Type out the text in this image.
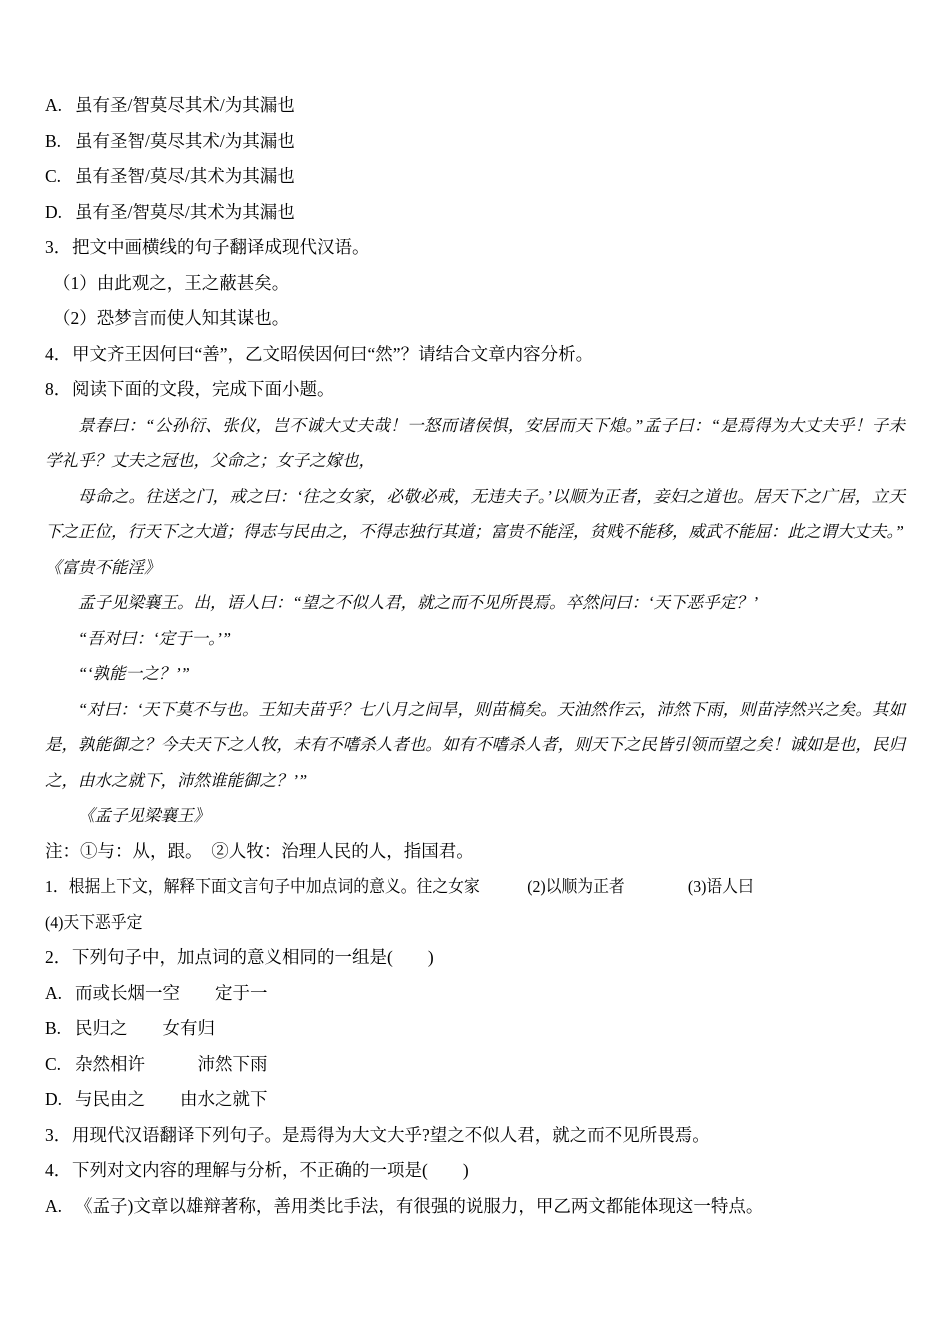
A. 虽有圣/智莫尽其术/为其漏也
B. 虽有圣智/莫尽其术/为其漏也
C. 虽有圣智/莫尽/其术为其漏也
D. 虽有圣/智莫尽/其术为其漏也
3． 把文中画横线的句子翻译成现代汉语。
（1）由此观之，王之蔽甚矣。
（2）恐梦言而使人知其谋也。
4． 甲文齐王因何曰“善”，乙文昭侯因何曰“然”？请结合文章内容分析。
8． 阅读下面的文段，完成下面小题。
景春曰：“公孙衍、张仪，岂不诚大丈夫哉！一怒而诸侯惧，安居而天下熄。”孟子曰：“是焉得为大丈夫乎！子未学礼乎？丈夫之冠也，父命之；女子之嫁也，
母命之。往送之门，戒之曰：‘往之女家，必敬必戒，无违夫子。’以顺为正者，妾妇之道也。居天下之广居，立天下之正位，行天下之大道；得志与民由之，不得志独行其道；富贵不能淫，贫贱不能移，威武不能屈：此之谓大丈夫。”
《富贵不能淫》
孟子见梁襄王。出，语人曰：“望之不似人君，就之而不见所畏焉。卒然问曰：‘天下恶乎定？’
“吾对曰：‘定于一。’”
“‘孰能一之？’”
“对曰：‘天下莫不与也。王知夫苗乎？七八月之间旱，则苗槁矣。天油然作云，沛然下雨，则苗浡然兴之矣。其如是，孰能御之？今夫天下之人牧，未有不嗜杀人者也。如有不嗜杀人者，则天下之民皆引领而望之矣！诚如是也，民归之，由水之就下，沛然谁能御之？’”
《孟子见梁襄王》
注：①与：从，跟。　②人牧：治理人民的人，指国君。
1．根据上下文，解释下面文言句子中加点词的意义。往之女家            (2)以顺为正者                (3)语人曰
(4)天下恶乎定
2． 下列句子中，加点词的意义相同的一组是(        )
A. 而或长烟一空　　定于一
B. 民归之　　女有归
C. 杂然相许　　　沛然下雨
D. 与民由之　　由水之就下
3． 用现代汉语翻译下列句子。是焉得为大文大乎?望之不似人君，就之而不见所畏焉。
4． 下列对文内容的理解与分析，不正确的一项是(        )
A. 《孟子)文章以雄辩著称，善用类比手法，有很强的说服力，甲乙两文都能体现这一特点。
